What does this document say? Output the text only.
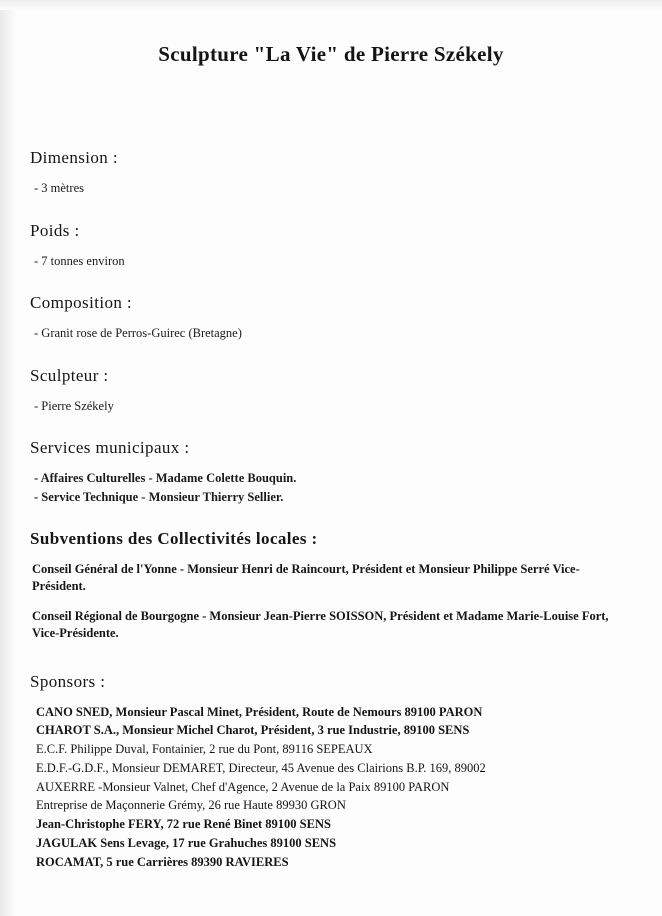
Sculpture "La Vie" de Pierre Székely
Dimension :
- 3 mètres
Poids :
- 7 tonnes environ
Composition :
- Granit rose de Perros-Guirec (Bretagne)
Sculpteur :
- Pierre Székely
Services municipaux :
- Affaires Culturelles - Madame Colette Bouquin.
- Service Technique - Monsieur Thierry Sellier.
Subventions des Collectivités locales :
Conseil Général de l'Yonne - Monsieur Henri de Raincourt, Président et Monsieur Philippe Serré Vice-Président.
Conseil Régional de Bourgogne - Monsieur Jean-Pierre SOISSON, Président et Madame Marie-Louise Fort, Vice-Présidente.
Sponsors :
CANO SNED, Monsieur Pascal Minet, Président, Route de Nemours 89100 PARON
CHAROT S.A., Monsieur Michel Charot, Président, 3 rue Industrie, 89100 SENS
E.C.F. Philippe Duval, Fontainier, 2 rue du Pont, 89116 SEPEAUX
E.D.F.-G.D.F., Monsieur DEMARET, Directeur, 45 Avenue des Clairions B.P. 169, 89002
AUXERRE -Monsieur Valnet, Chef d'Agence, 2 Avenue de la Paix 89100 PARON
Entreprise de Maçonnerie Grémy, 26 rue Haute 89930 GRON
Jean-Christophe FERY, 72 rue René Binet 89100 SENS
JAGULAK Sens Levage, 17 rue Grahuches 89100 SENS
ROCAMAT, 5 rue Carrières 89390 RAVIERES
